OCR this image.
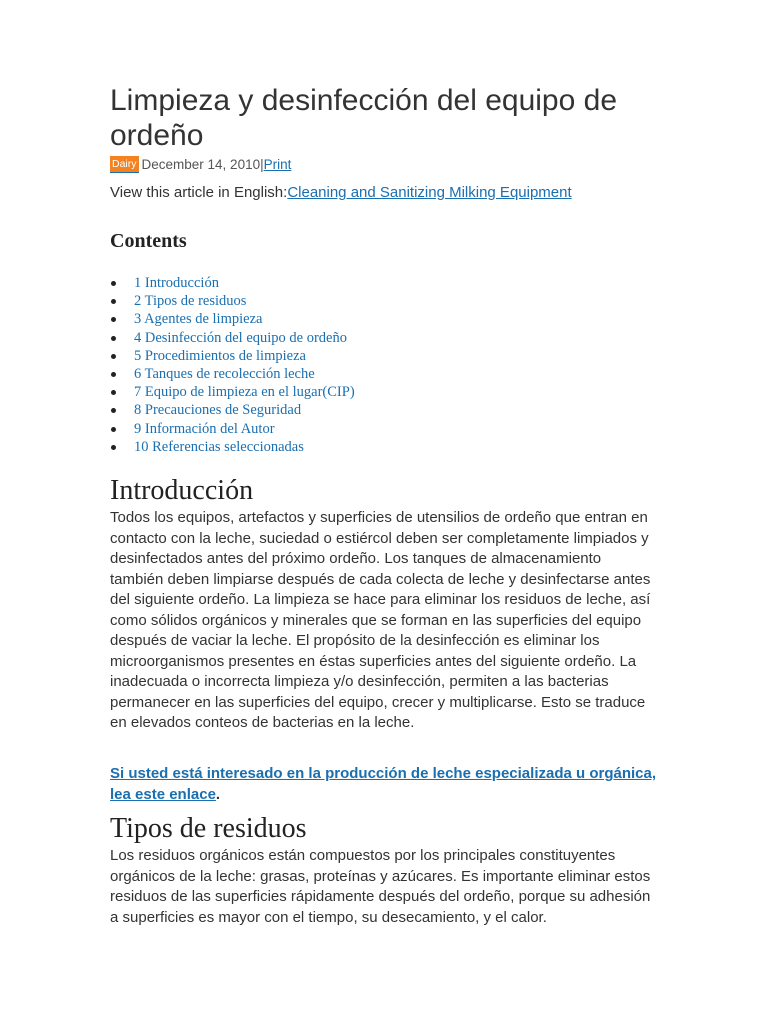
Limpieza y desinfección del equipo de ordeño
Dairy December 14, 2010 | Print
View this article in English:Cleaning and Sanitizing Milking Equipment
Contents
1 Introducción
2 Tipos de residuos
3 Agentes de limpieza
4 Desinfección del equipo de ordeño
5 Procedimientos de limpieza
6 Tanques de recolección leche
7 Equipo de limpieza en el lugar(CIP)
8 Precauciones de Seguridad
9 Información del Autor
10 Referencias seleccionadas
Introducción

Todos los equipos, artefactos y superficies de utensilios de ordeño que entran en contacto con la leche, suciedad o estiércol deben ser completamente limpiados y desinfectados antes del próximo ordeño. Los tanques de almacenamiento también deben limpiarse después de cada colecta de leche y desinfectarse antes del siguiente ordeño. La limpieza se hace para eliminar los residuos de leche, así como sólidos orgánicos y minerales que se forman en las superficies del equipo después de vaciar la leche. El propósito de la desinfección es eliminar los microorganismos presentes en éstas superficies antes del siguiente ordeño. La inadecuada o incorrecta limpieza y/o desinfección, permiten a las bacterias permanecer en las superficies del equipo, crecer y multiplicarse. Esto se traduce en elevados conteos de bacterias en la leche.

Si usted está interesado en la producción de leche especializada u orgánica, lea este enlace.

Tipos de residuos

Los residuos orgánicos están compuestos por los principales constituyentes orgánicos de la leche: grasas, proteínas y azúcares. Es importante eliminar estos residuos de las superficies rápidamente después del ordeño, porque su adhesión a superficies es mayor con el tiempo, su desecamiento, y el calor.
